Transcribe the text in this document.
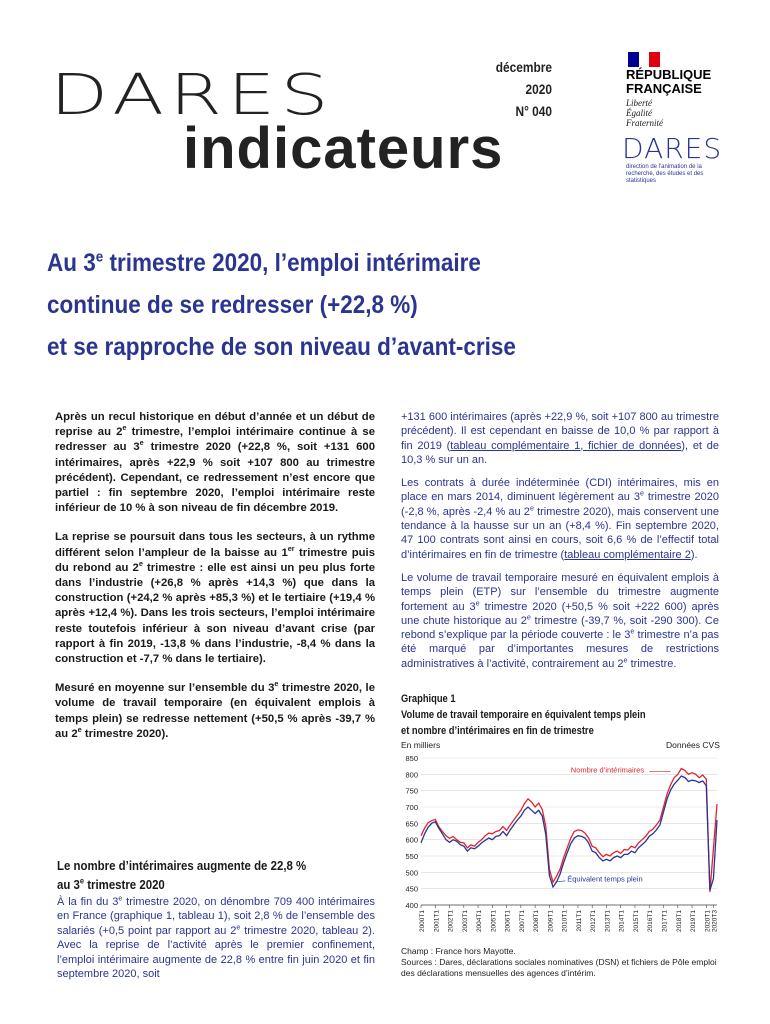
DARES
indicateurs
décembre 2020
N° 040
RÉPUBLIQUE
FRANÇAISE
Liberté
Égalité
Fraternité
DARES
direction de l'animation de la recherche, des études et des statistiques
Au 3e trimestre 2020, l’emploi intérimaire
continue de se redresser (+22,8 %)
et se rapproche de son niveau d’avant-crise

Après un recul historique en début d’année et un début de reprise au 2e trimestre, l’emploi intérimaire continue à se redresser au 3e trimestre 2020 (+22,8 %, soit +131 600 intérimaires, après +22,9 % soit +107 800 au trimestre précédent). Cependant, ce redressement n’est encore que partiel : fin septembre 2020, l’emploi intérimaire reste inférieur de 10 % à son niveau de fin décembre 2019.

La reprise se poursuit dans tous les secteurs, à un rythme différent selon l’ampleur de la baisse au 1er trimestre puis du rebond au 2e trimestre : elle est ainsi un peu plus forte dans l’industrie (+26,8 % après +14,3 %) que dans la construction (+24,2 % après +85,3 %) et le tertiaire (+19,4 % après +12,4 %). Dans les trois secteurs, l’emploi intérimaire reste toutefois inférieur à son niveau d’avant crise (par rapport à fin 2019, -13,8 % dans l’industrie, -8,4 % dans la construction et -7,7 % dans le tertiaire).

Mesuré en moyenne sur l’ensemble du 3e trimestre 2020, le volume de travail temporaire (en équivalent emplois à temps plein) se redresse nettement (+50,5 % après -39,7 % au 2e trimestre 2020).

Le nombre d’intérimaires augmente de 22,8 %
au 3e trimestre 2020
À la fin du 3e trimestre 2020, on dénombre 709 400 intérimaires en France (graphique 1, tableau 1), soit 2,8 % de l’ensemble des salariés (+0,5 point par rapport au 2e trimestre 2020, tableau 2). Avec la reprise de l’activité après le premier confinement, l’emploi intérimaire augmente de 22,8 % entre fin juin 2020 et fin septembre 2020, soit

+131 600 intérimaires (après +22,9 %, soit +107 800 au trimestre précédent). Il est cependant en baisse de 10,0 % par rapport à fin 2019 (tableau complémentaire 1, fichier de données), et de 10,3 % sur un an.

Les contrats à durée indéterminée (CDI) intérimaires, mis en place en mars 2014, diminuent légèrement au 3e trimestre 2020 (-2,8 %, après -2,4 % au 2e trimestre 2020), mais conservent une tendance à la hausse sur un an (+8,4 %). Fin septembre 2020, 47 100 contrats sont ainsi en cours, soit 6,6 % de l’effectif total d’intérimaires en fin de trimestre (tableau complémentaire 2).

Le volume de travail temporaire mesuré en équivalent emplois à temps plein (ETP) sur l’ensemble du trimestre augmente fortement au 3e trimestre 2020 (+50,5 % soit +222 600) après une chute historique au 2e trimestre (-39,7 %, soit -290 300). Ce rebond s’explique par la période couverte : le 3e trimestre n’a pas été marqué par d’importantes mesures de restrictions administratives à l’activité, contrairement au 2e trimestre.

Graphique 1
Volume de travail temporaire en équivalent temps plein
et nombre d’intérimaires en fin de trimestre
En milliers	Données CVS
400
450
500
550
600
650
700
750
800
850
2000T1 2001T1 2002T1 2003T1 2004T1 2005T1 2006T1 2007T1 2008T1 2009T1 2010T1 2011T1 2012T1 2013T1 2014T1 2015T1 2016T1 2017T1 2018T1 2019T1 2020T1 2020T3
Nombre d’intérimaires
Équivalent temps plein
Champ : France hors Mayotte.
Sources : Dares, déclarations sociales nominatives (DSN) et fichiers de Pôle emploi des déclarations mensuelles des agences d’intérim.
